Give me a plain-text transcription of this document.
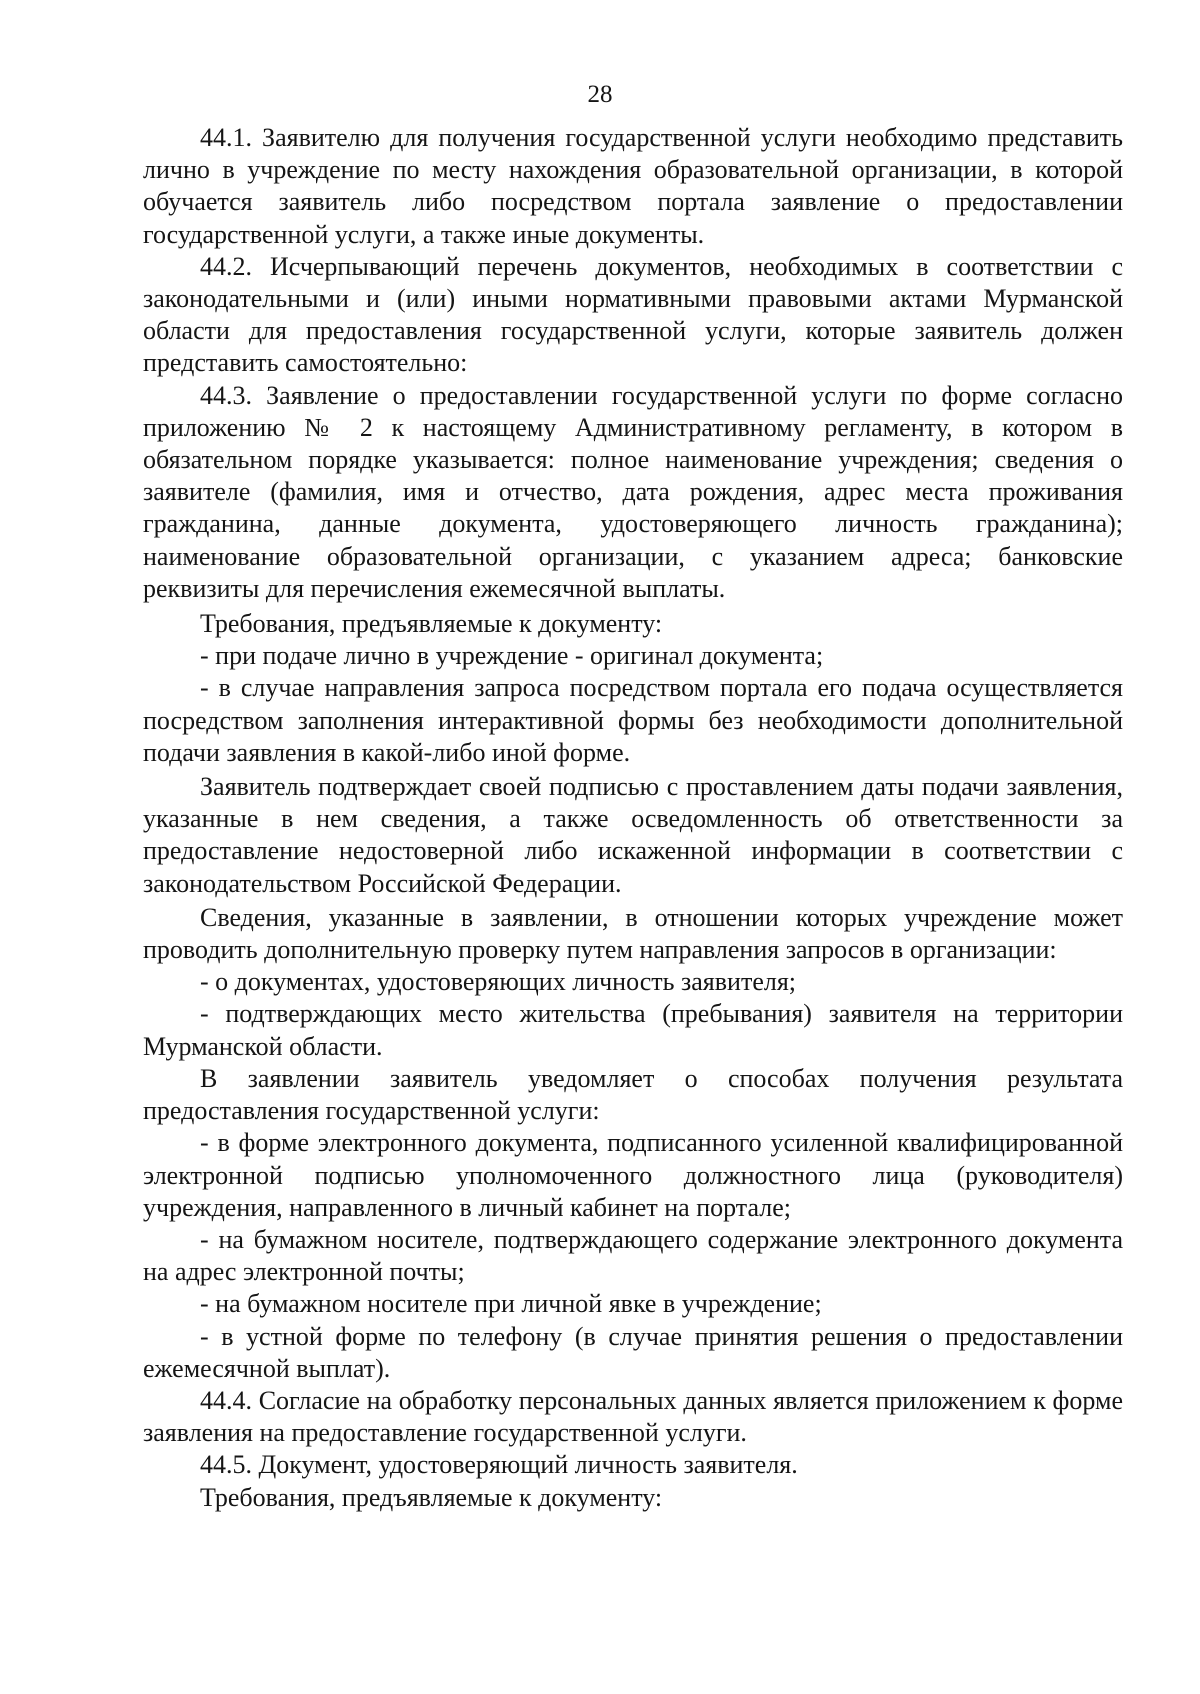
28

44.1. Заявителю для получения государственной услуги необходимо представить лично в учреждение по месту нахождения образовательной организации, в которой обучается заявитель либо посредством портала заявление о предоставлении государственной услуги, а также иные документы.

44.2. Исчерпывающий перечень документов, необходимых в соответствии с законодательными и (или) иными нормативными правовыми актами Мурманской области для предоставления государственной услуги, которые заявитель должен представить самостоятельно:

44.3. Заявление о предоставлении государственной услуги по форме согласно приложению № 2 к настоящему Административному регламенту, в котором в обязательном порядке указывается: полное наименование учреждения; сведения о заявителе (фамилия, имя и отчество, дата рождения, адрес места проживания гражданина, данные документа, удостоверяющего личность гражданина); наименование образовательной организации, с указанием адреса; банковские реквизиты для перечисления ежемесячной выплаты.

Требования, предъявляемые к документу:

- при подаче лично в учреждение - оригинал документа;

- в случае направления запроса посредством портала его подача осуществляется посредством заполнения интерактивной формы без необходимости дополнительной подачи заявления в какой-либо иной форме.

Заявитель подтверждает своей подписью с проставлением даты подачи заявления, указанные в нем сведения, а также осведомленность об ответственности за предоставление недостоверной либо искаженной информации в соответствии с законодательством Российской Федерации.

Сведения, указанные в заявлении, в отношении которых учреждение может проводить дополнительную проверку путем направления запросов в организации:

- о документах, удостоверяющих личность заявителя;

- подтверждающих место жительства (пребывания) заявителя на территории Мурманской области.

В заявлении заявитель уведомляет о способах получения результата предоставления государственной услуги:

- в форме электронного документа, подписанного усиленной квалифицированной электронной подписью уполномоченного должностного лица (руководителя) учреждения, направленного в личный кабинет на портале;

- на бумажном носителе, подтверждающего содержание электронного документа на адрес электронной почты;

- на бумажном носителе при личной явке в учреждение;

- в устной форме по телефону (в случае принятия решения о предоставлении ежемесячной выплат).

44.4. Согласие на обработку персональных данных является приложением к форме заявления на предоставление государственной услуги.

44.5. Документ, удостоверяющий личность заявителя.

Требования, предъявляемые к документу:
